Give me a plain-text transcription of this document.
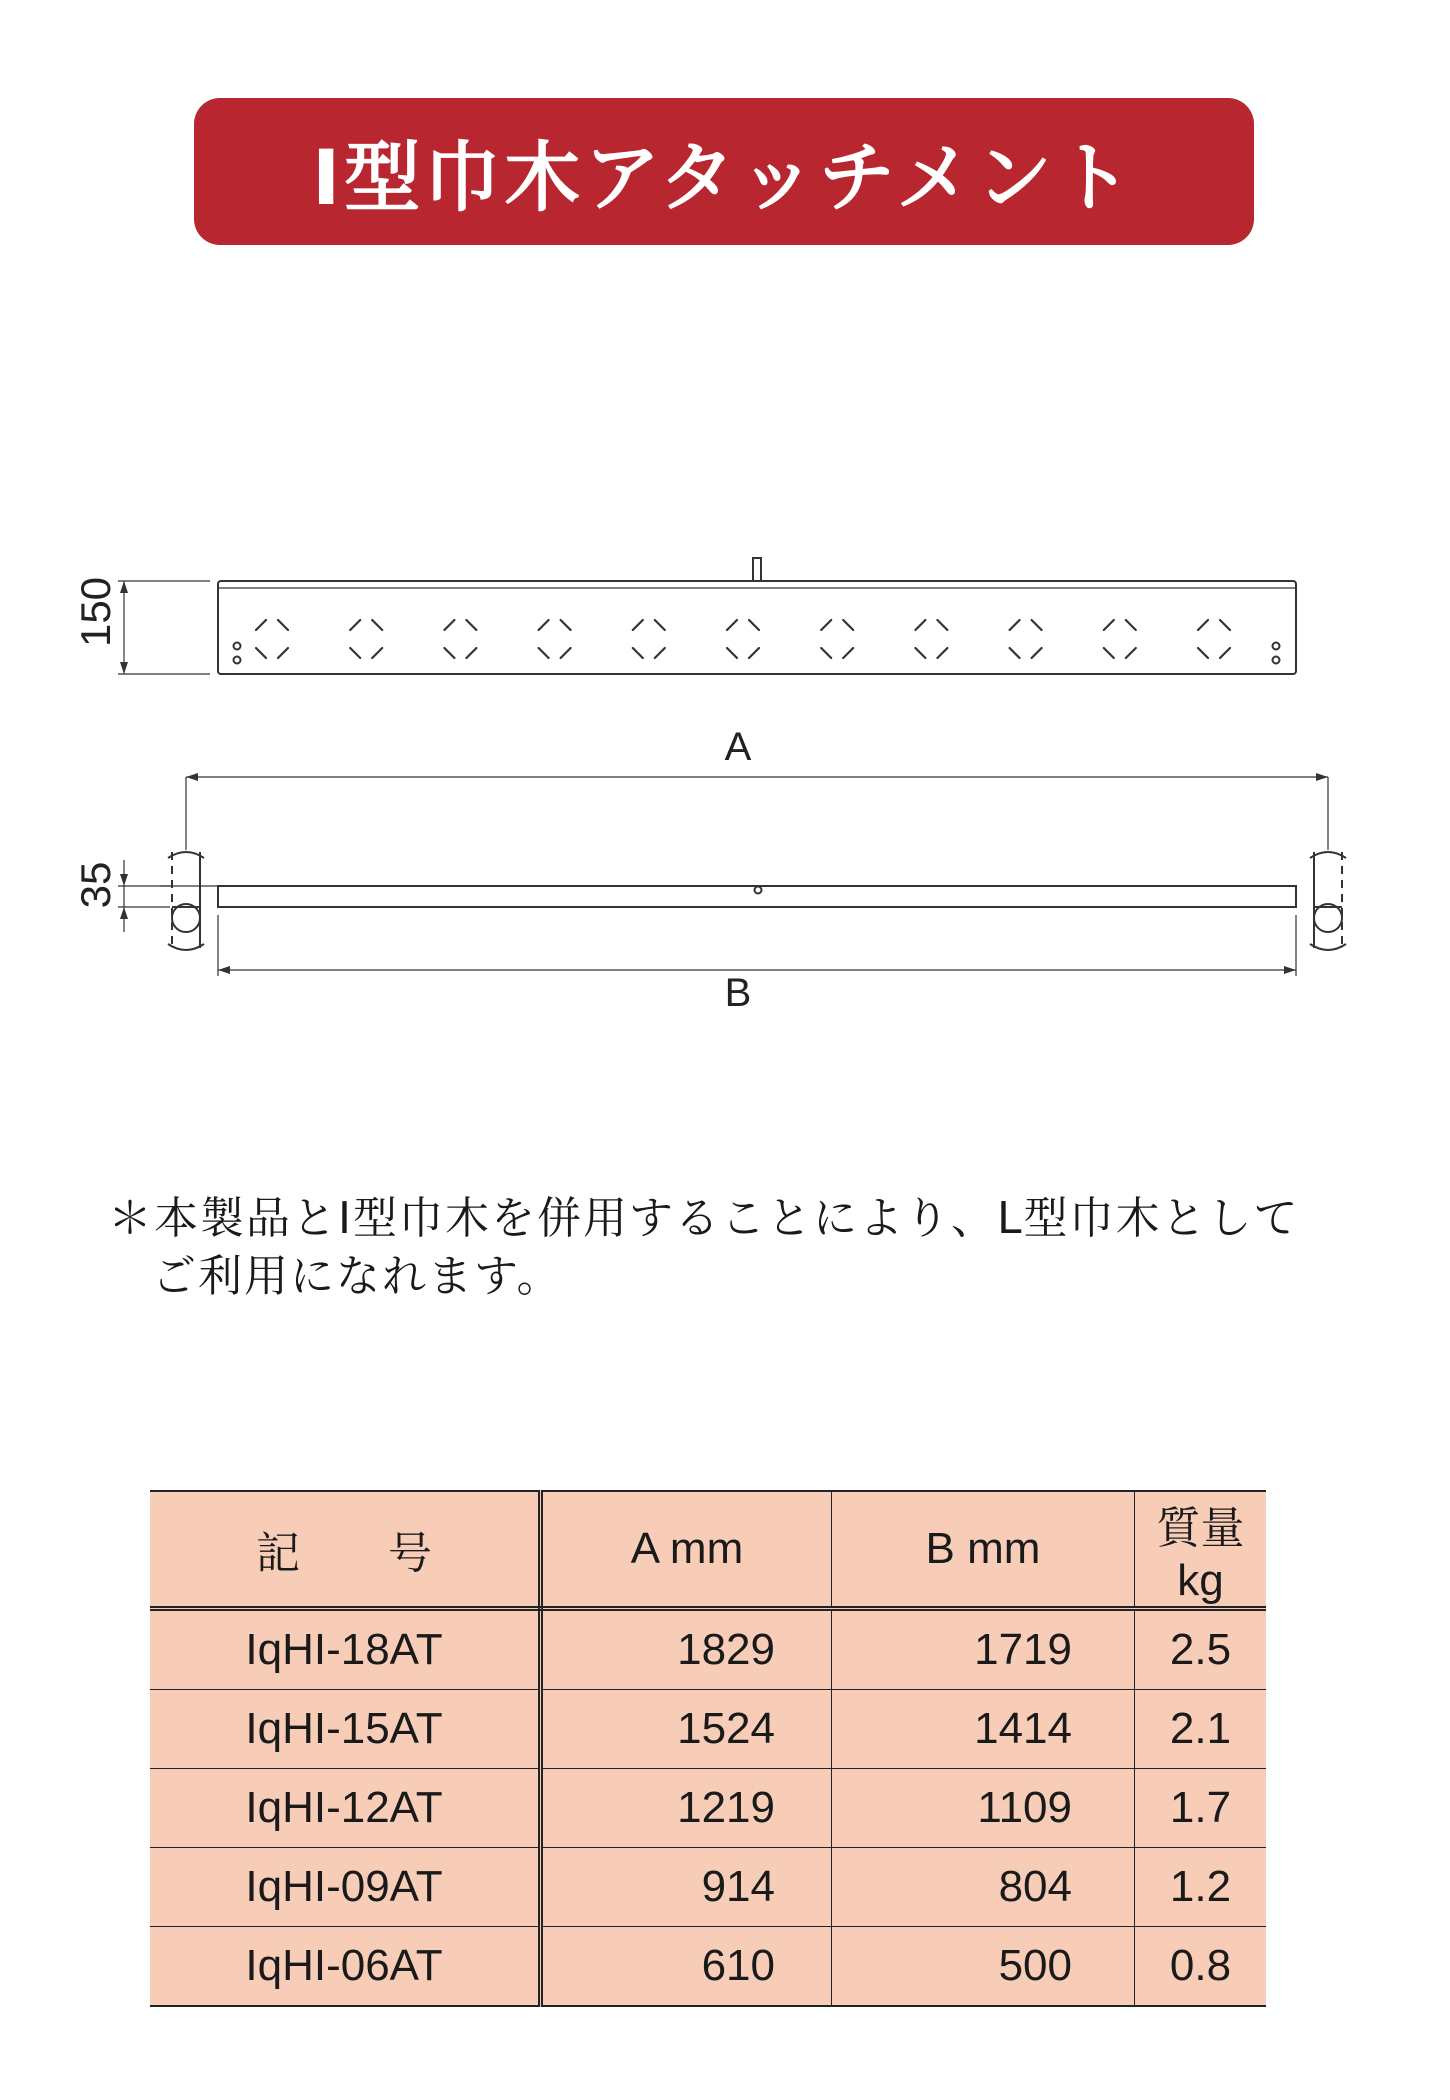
I型巾木アタッチメント
150
A
35
B
＊本製品とI型巾木を併用することにより、L型巾木として
ご利用になれます。
記　　号	A mm	B mm	質量 kg
IqHI-18AT	1829	1719	2.5
IqHI-15AT	1524	1414	2.1
IqHI-12AT	1219	1109	1.7
IqHI-09AT	914	804	1.2
IqHI-06AT	610	500	0.8
